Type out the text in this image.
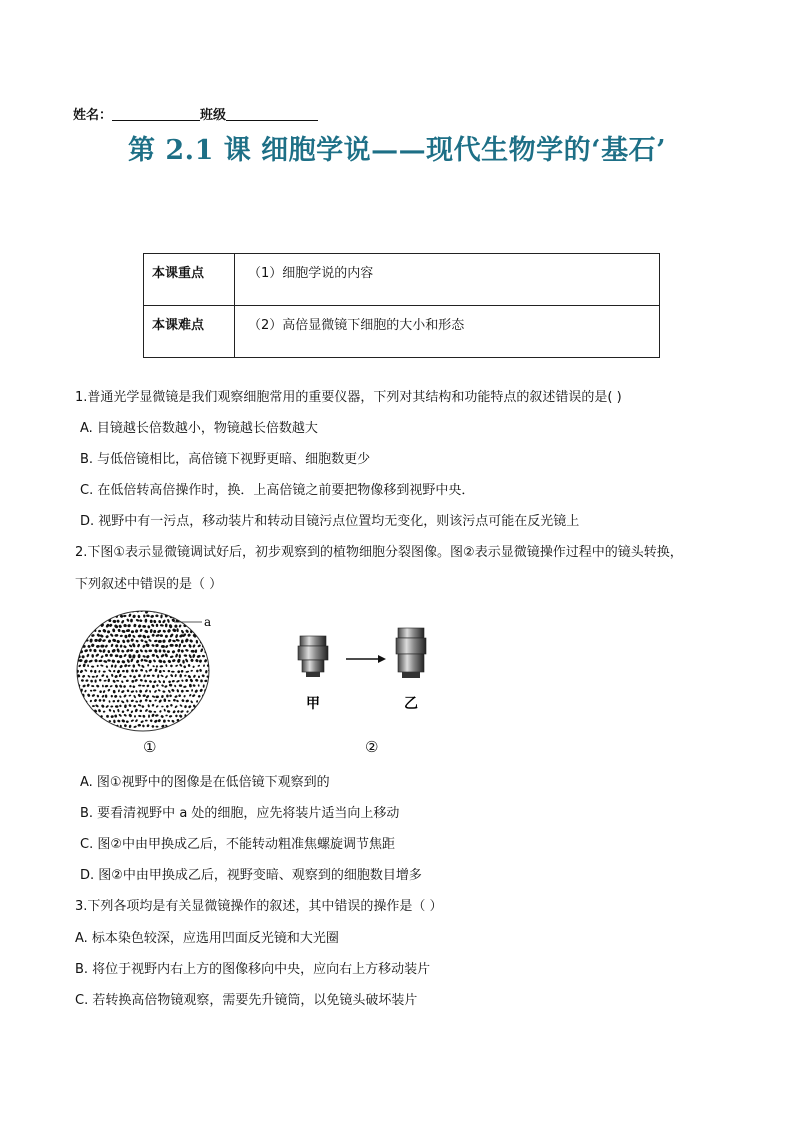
姓名：	班级
第 2.1 课 细胞学说——现代生物学的‘基石’
本课重点	（1）细胞学说的内容
本课难点	（2）高倍显微镜下细胞的大小和形态
1.普通光学显微镜是我们观察细胞常用的重要仪器，下列对其结构和功能特点的叙述错误的是( )
A. 目镜越长倍数越小，物镜越长倍数越大
B. 与低倍镜相比，高倍镜下视野更暗、细胞数更少
C. 在低倍转高倍操作时，换．上高倍镜之前要把物像移到视野中央．
D. 视野中有一污点，移动装片和转动目镜污点位置均无变化，则该污点可能在反光镜上
2.下图①表示显微镜调试好后，初步观察到的植物细胞分裂图像。图②表示显微镜操作过程中的镜头转换，
下列叙述中错误的是（ ）
a
①
甲	乙
②
A. 图①视野中的图像是在低倍镜下观察到的
B. 要看清视野中 a 处的细胞，应先将装片适当向上移动
C. 图②中由甲换成乙后，不能转动粗准焦螺旋调节焦距
D. 图②中由甲换成乙后，视野变暗、观察到的细胞数目增多
3.下列各项均是有关显微镜操作的叙述，其中错误的操作是（ ）
A. 标本染色较深，应选用凹面反光镜和大光圈
B. 将位于视野内右上方的图像移向中央，应向右上方移动装片
C. 若转换高倍物镜观察，需要先升镜筒，以免镜头破坏装片
